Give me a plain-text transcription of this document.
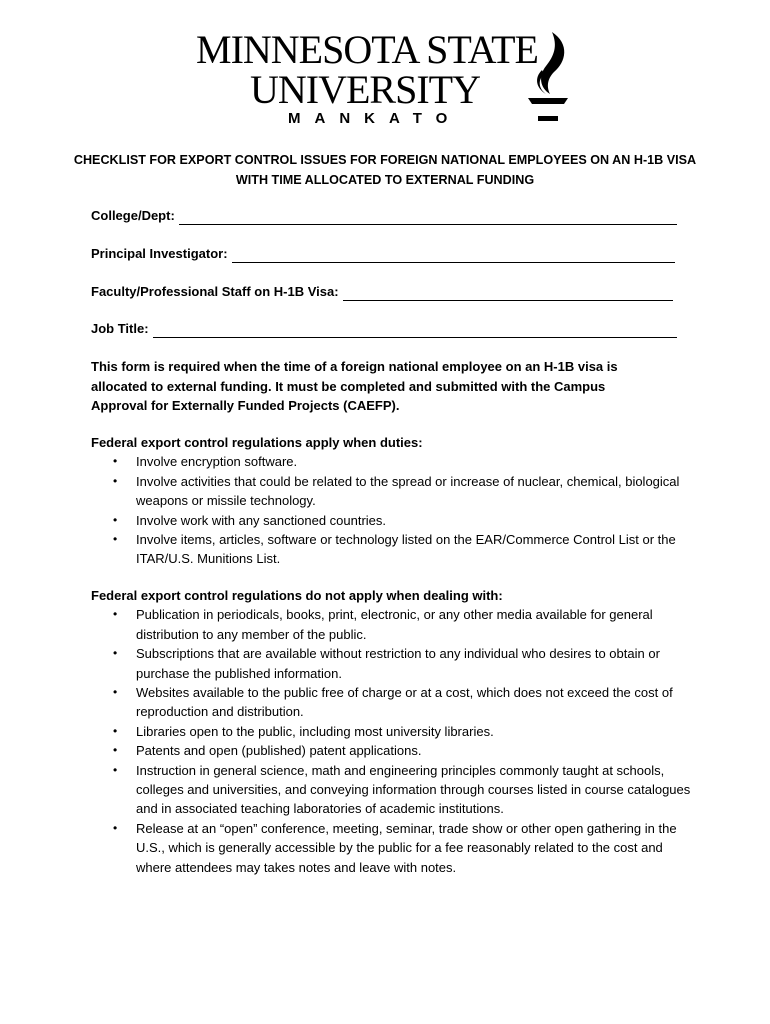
MINNESOTA STATE
UNIVERSITY
MANKATO
CHECKLIST FOR EXPORT CONTROL ISSUES FOR FOREIGN NATIONAL EMPLOYEES ON AN H-1B VISA WITH TIME ALLOCATED TO EXTERNAL FUNDING
College/Dept:
Principal Investigator:
Faculty/Professional Staff on H-1B Visa:
Job Title:
This form is required when the time of a foreign national employee on an H-1B visa is allocated to external funding. It must be completed and submitted with the Campus Approval for Externally Funded Projects (CAEFP).
Federal export control regulations apply when duties:
• Involve encryption software.
• Involve activities that could be related to the spread or increase of nuclear, chemical, biological weapons or missile technology.
• Involve work with any sanctioned countries.
• Involve items, articles, software or technology listed on the EAR/Commerce Control List or the ITAR/U.S. Munitions List.
Federal export control regulations do not apply when dealing with:
• Publication in periodicals, books, print, electronic, or any other media available for general distribution to any member of the public.
• Subscriptions that are available without restriction to any individual who desires to obtain or purchase the published information.
• Websites available to the public free of charge or at a cost, which does not exceed the cost of reproduction and distribution.
• Libraries open to the public, including most university libraries.
• Patents and open (published) patent applications.
• Instruction in general science, math and engineering principles commonly taught at schools, colleges and universities, and conveying information through courses listed in course catalogues and in associated teaching laboratories of academic institutions.
• Release at an “open” conference, meeting, seminar, trade show or other open gathering in the U.S., which is generally accessible by the public for a fee reasonably related to the cost and where attendees may takes notes and leave with notes.
